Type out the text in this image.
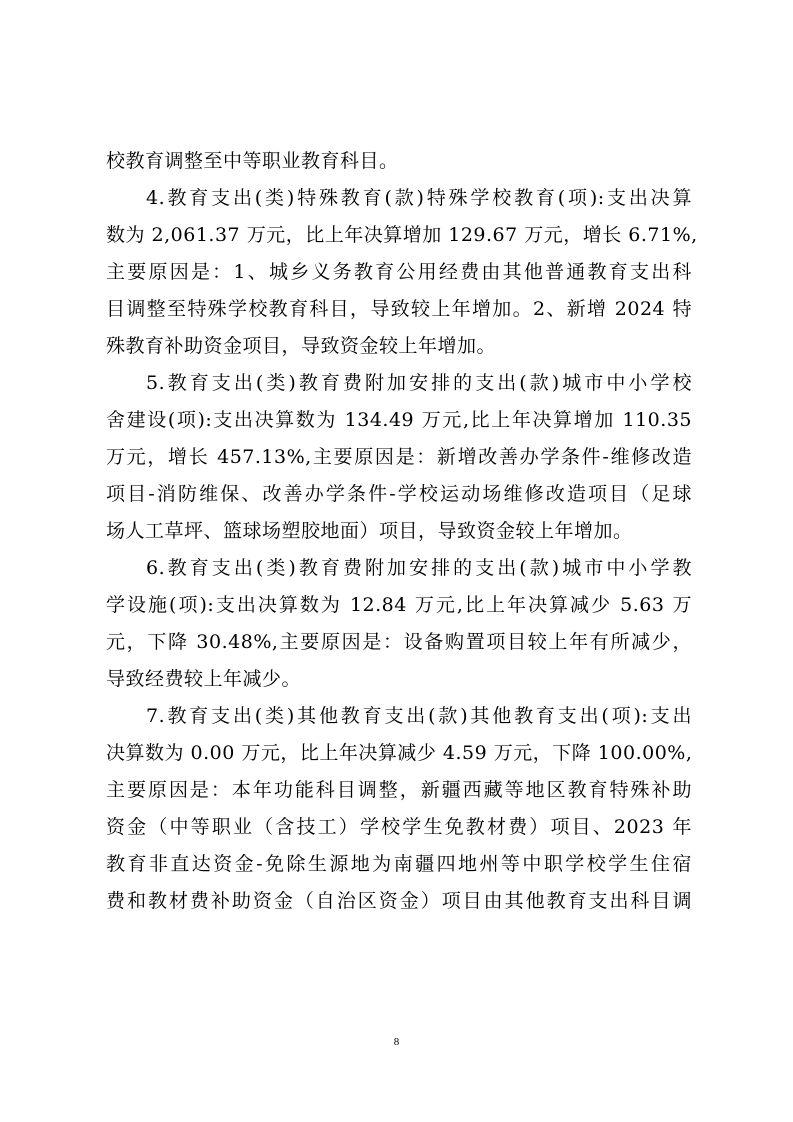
校教育调整至中等职业教育科目。
4.教育支出(类)特殊教育(款)特殊学校教育(项):支出决算
数为 2,061.37 万元，比上年决算增加 129.67 万元，增长 6.71%,
主要原因是：1、城乡义务教育公用经费由其他普通教育支出科
目调整至特殊学校教育科目，导致较上年增加。2、新增 2024 特
殊教育补助资金项目，导致资金较上年增加。
5.教育支出(类)教育费附加安排的支出(款)城市中小学校
舍建设(项):支出决算数为 134.49 万元,比上年决算增加 110.35
万元，增长 457.13%,主要原因是：新增改善办学条件-维修改造
项目-消防维保、改善办学条件-学校运动场维修改造项目（足球
场人工草坪、篮球场塑胶地面）项目，导致资金较上年增加。
6.教育支出(类)教育费附加安排的支出(款)城市中小学教
学设施(项):支出决算数为 12.84 万元,比上年决算减少 5.63 万
元，下降 30.48%,主要原因是：设备购置项目较上年有所减少，
导致经费较上年减少。
7.教育支出(类)其他教育支出(款)其他教育支出(项):支出
决算数为 0.00 万元，比上年决算减少 4.59 万元，下降 100.00%,
主要原因是：本年功能科目调整，新疆西藏等地区教育特殊补助
资金（中等职业（含技工）学校学生免教材费）项目、2023 年
教育非直达资金-免除生源地为南疆四地州等中职学校学生住宿
费和教材费补助资金（自治区资金）项目由其他教育支出科目调
8
